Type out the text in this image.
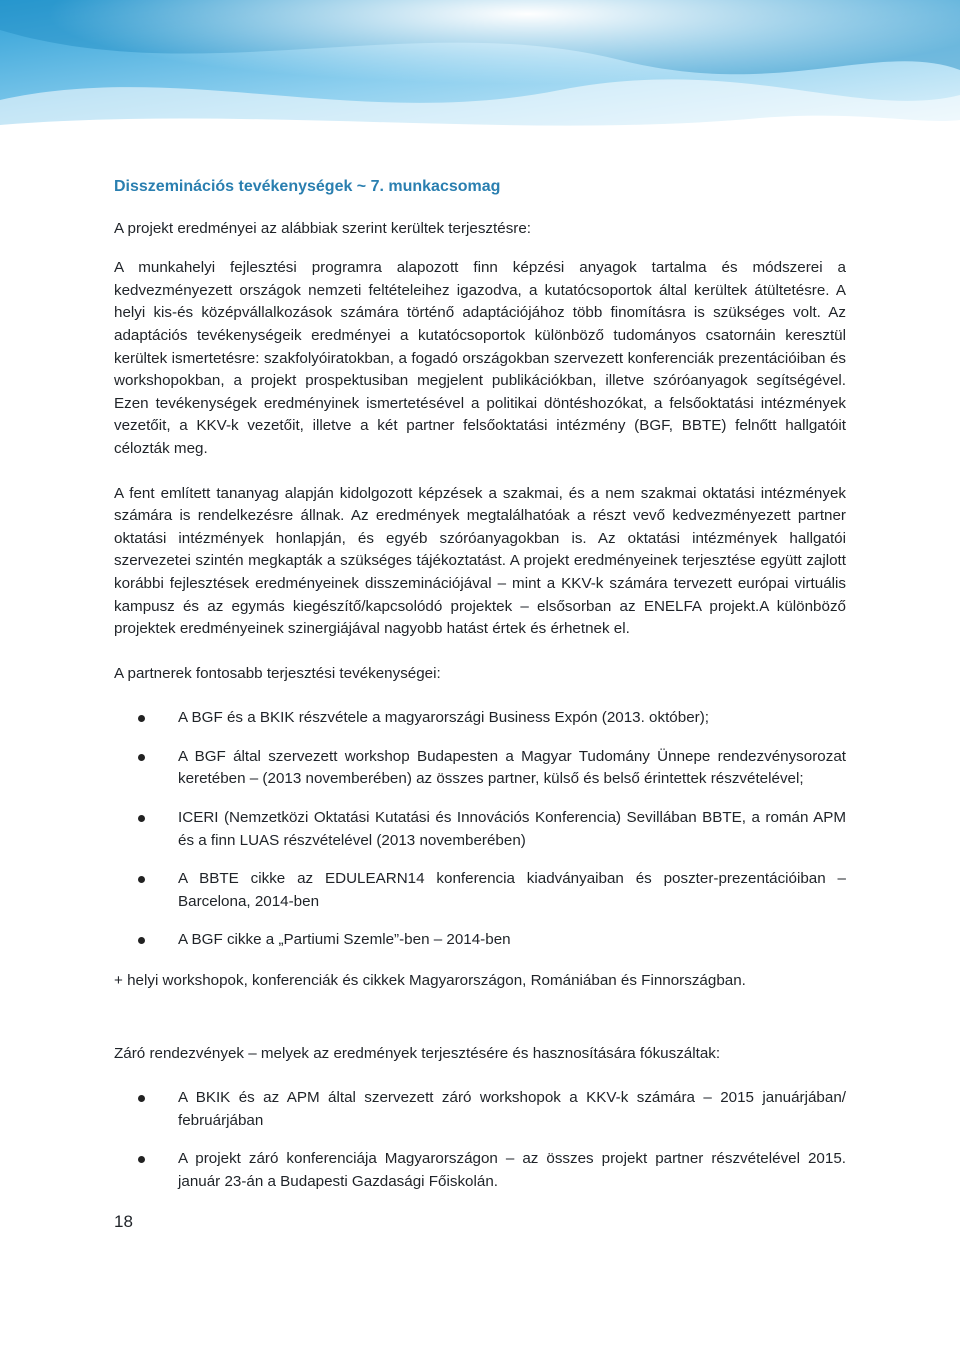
Disszeminációs tevékenységek ~ 7. munkacsomag

A projekt eredményei az alábbiak szerint kerültek terjesztésre:

A munkahelyi fejlesztési programra alapozott finn képzési anyagok tartalma és módszerei a kedvezményezett országok nemzeti feltételeihez igazodva, a kutatócsoportok által kerültek átültetésre. A helyi kis-és középvállalkozások számára történő adaptációjához több finomításra is szükséges volt. Az adaptációs tevékenységeik eredményei a kutatócsoportok különböző tudományos csatornáin keresztül kerültek ismertetésre: szakfolyóiratokban, a fogadó országokban szervezett konferenciák prezentációiban és workshopokban, a projekt prospektusiban megjelent publikációkban, illetve szóróanyagok segítségével. Ezen tevékenységek eredményinek ismertetésével a politikai döntéshozókat, a felsőoktatási intézmények vezetőit, a KKV-k vezetőit, illetve a két partner felsőoktatási intézmény (BGF, BBTE) felnőtt hallgatóit célozták meg.

A fent említett tananyag alapján kidolgozott képzések a szakmai, és a nem szakmai oktatási intézmények számára is rendelkezésre állnak. Az eredmények megtalálhatóak a részt vevő kedvezményezett partner oktatási intézmények honlapján, és egyéb szóróanyagokban is. Az oktatási intézmények hallgatói szervezetei szintén megkapták a szükséges tájékoztatást. A projekt eredményeinek terjesztése együtt zajlott korábbi fejlesztések eredményeinek disszeminációjával – mint a KKV-k számára tervezett európai virtuális kampusz és az egymás kiegészítő/kapcsolódó projektek – elsősorban az ENELFA projekt.A különböző projektek eredményeinek szinergiájával nagyobb hatást értek és érhetnek el.

A partnerek fontosabb terjesztési tevékenységei:

A BGF és a BKIK részvétele a magyarországi Business Expón (2013. október);
A BGF által szervezett workshop Budapesten a Magyar Tudomány Ünnepe rendezvénysorozat keretében – (2013 novemberében) az összes partner, külső és belső érintettek részvételével;
ICERI (Nemzetközi Oktatási Kutatási és Innovációs Konferencia) Sevillában BBTE, a román APM és a finn LUAS részvételével (2013 novemberében)
A BBTE cikke az EDULEARN14 konferencia kiadványaiban és poszter-prezentációiban – Barcelona, 2014-ben
A BGF cikke a „Partiumi Szemle”-ben – 2014-ben

+ helyi workshopok, konferenciák és cikkek Magyarországon, Romániában és Finnországban.

Záró rendezvények – melyek az eredmények terjesztésére és hasznosítására fókuszáltak:

A BKIK és az APM által szervezett záró workshopok a KKV-k számára – 2015 januárjában/ februárjában
A projekt záró konferenciája Magyarországon – az összes projekt partner részvételével 2015. január 23-án a Budapesti Gazdasági Főiskolán.
18
